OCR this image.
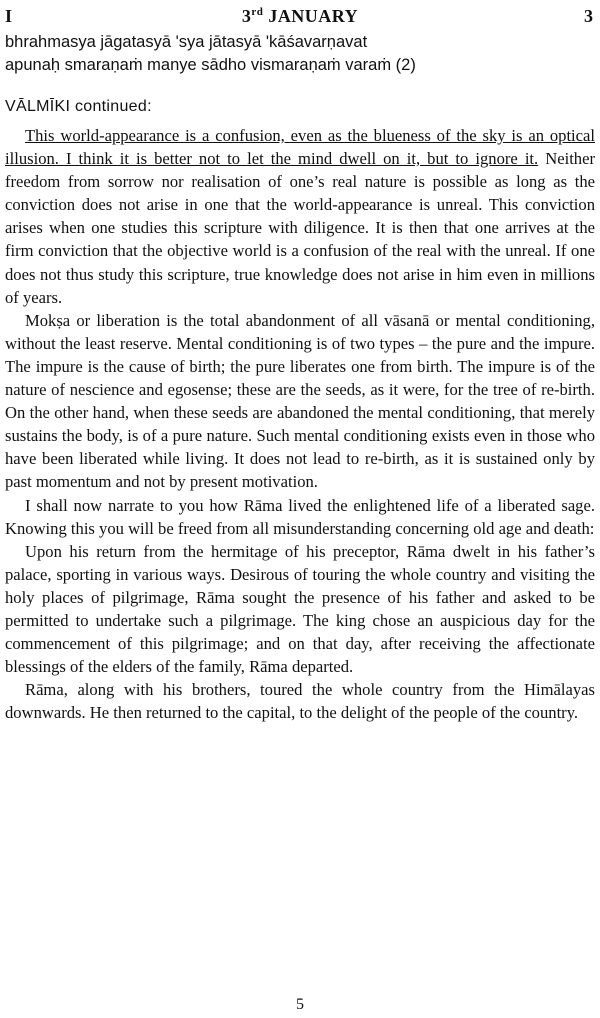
I	3rd JANUARY	3
bhrahmasya jāgatasyā 'sya jātasyā 'kāśavarṇavat
apunaḥ smaraṇaṁ manye sādho vismaraṇaṁ varaṁ (2)
VĀLMĪKI continued:

This world-appearance is a confusion, even as the blueness of the sky is an optical illusion. I think it is better not to let the mind dwell on it, but to ignore it. Neither freedom from sorrow nor realisation of one’s real nature is possible as long as the conviction does not arise in one that the world-appearance is unreal. This conviction arises when one studies this scripture with diligence. It is then that one arrives at the firm conviction that the objective world is a confusion of the real with the unreal. If one does not thus study this scripture, true knowledge does not arise in him even in millions of years.

Mokṣa or liberation is the total abandonment of all vāsanā or mental conditioning, without the least reserve. Mental conditioning is of two types – the pure and the impure. The impure is the cause of birth; the pure liberates one from birth. The impure is of the nature of nescience and egosense; these are the seeds, as it were, for the tree of re-birth. On the other hand, when these seeds are abandoned the mental conditioning, that merely sustains the body, is of a pure nature. Such mental conditioning exists even in those who have been liberated while living. It does not lead to re-birth, as it is sustained only by past momentum and not by present motivation.

I shall now narrate to you how Rāma lived the enlightened life of a liberated sage. Knowing this you will be freed from all misunderstanding concerning old age and death:

Upon his return from the hermitage of his preceptor, Rāma dwelt in his father’s palace, sporting in various ways. Desirous of touring the whole country and visiting the holy places of pilgrimage, Rāma sought the presence of his father and asked to be permitted to undertake such a pilgrimage. The king chose an auspicious day for the commencement of this pilgrimage; and on that day, after receiving the affectionate blessings of the elders of the family, Rāma departed.

Rāma, along with his brothers, toured the whole country from the Himālayas downwards. He then returned to the capital, to the delight of the people of the country.

5
